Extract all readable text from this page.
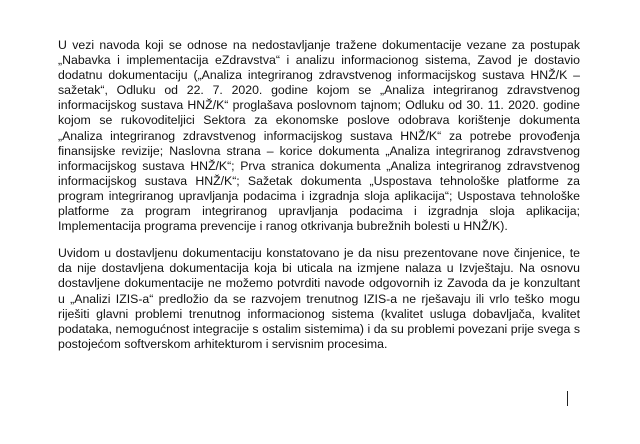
U vezi navoda koji se odnose na nedostavljanje tražene dokumentacije vezane za postupak „Nabavka i implementacija eZdravstva“ i analizu informacionog sistema, Zavod je dostavio dodatnu dokumentaciju („Analiza integriranog zdravstvenog informacijskog sustava HNŽ/K – sažetak“, Odluku od 22. 7. 2020. godine kojom se „Analiza integriranog zdravstvenog informacijskog sustava HNŽ/K“ proglašava poslovnom tajnom; Odluku od 30. 11. 2020. godine kojom se rukovoditeljici Sektora za ekonomske poslove odobrava korištenje dokumenta „Analiza integriranog zdravstvenog informacijskog sustava HNŽ/K“ za potrebe provođenja finansijske revizije; Naslovna strana – korice dokumenta „Analiza integriranog zdravstvenog informacijskog sustava HNŽ/K“; Prva stranica dokumenta „Analiza integriranog zdravstvenog informacijskog sustava HNŽ/K“; Sažetak dokumenta „Uspostava tehnološke platforme za program integriranog upravljanja podacima i izgradnja sloja aplikacija“; Uspostava tehnološke platforme za program integriranog upravljanja podacima i izgradnja sloja aplikacija; Implementacija programa prevencije i ranog otkrivanja bubrežnih bolesti u HNŽ/K).

Uvidom u dostavljenu dokumentaciju konstatovano je da nisu prezentovane nove činjenice, te da nije dostavljena dokumentacija koja bi uticala na izmjene nalaza u Izvještaju. Na osnovu dostavljene dokumentacije ne možemo potvrditi navode odgovornih iz Zavoda da je konzultant u „Analizi IZIS-a“ predložio da se razvojem trenutnog IZIS-a ne rješavaju ili vrlo teško mogu riješiti glavni problemi trenutnog informacionog sistema (kvalitet usluga dobavljača, kvalitet podataka, nemogućnost integracije s ostalim sistemima) i da su problemi povezani prije svega s postojećom softverskom arhitekturom i servisnim procesima.
